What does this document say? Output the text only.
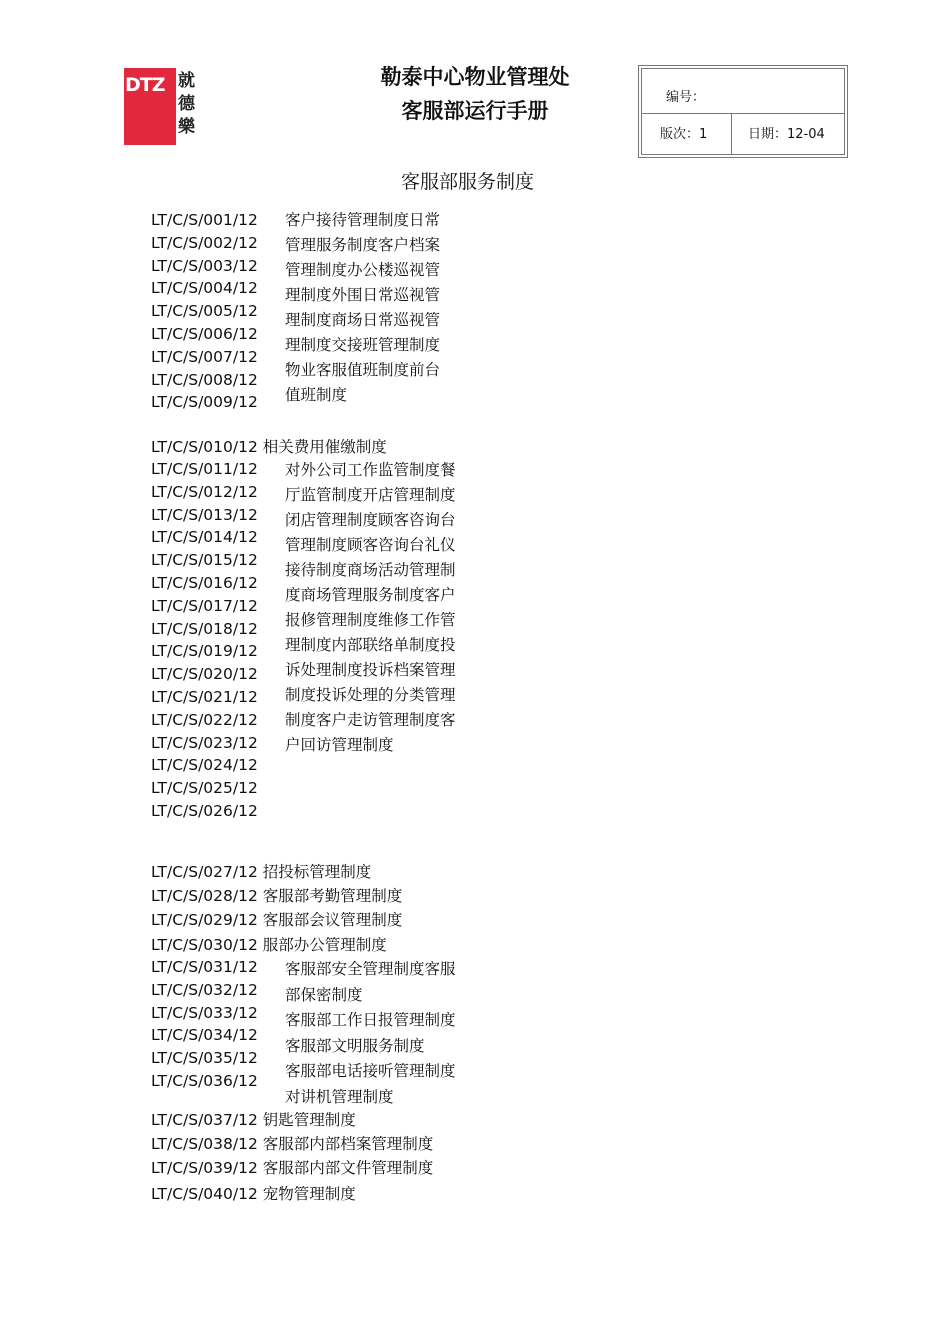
DTZ 就
德
樂
勒泰中心物业管理处
客服部运行手册
编号：
版次：1	日期：12-04
客服部服务制度
LT/C/S/001/12
LT/C/S/002/12
LT/C/S/003/12
LT/C/S/004/12
LT/C/S/005/12
LT/C/S/006/12
LT/C/S/007/12
LT/C/S/008/12
LT/C/S/009/12
客户接待管理制度日常
管理服务制度客户档案
管理制度办公楼巡视管
理制度外围日常巡视管
理制度商场日常巡视管
理制度交接班管理制度
物业客服值班制度前台
值班制度
LT/C/S/010/12 相关费用催缴制度
LT/C/S/011/12
LT/C/S/012/12
LT/C/S/013/12
LT/C/S/014/12
LT/C/S/015/12
LT/C/S/016/12
LT/C/S/017/12
LT/C/S/018/12
LT/C/S/019/12
LT/C/S/020/12
LT/C/S/021/12
LT/C/S/022/12
LT/C/S/023/12
LT/C/S/024/12
LT/C/S/025/12
LT/C/S/026/12
对外公司工作监管制度餐
厅监管制度开店管理制度
闭店管理制度顾客咨询台
管理制度顾客咨询台礼仪
接待制度商场活动管理制
度商场管理服务制度客户
报修管理制度维修工作管
理制度内部联络单制度投
诉处理制度投诉档案管理
制度投诉处理的分类管理
制度客户走访管理制度客
户回访管理制度
LT/C/S/027/12 招投标管理制度
LT/C/S/028/12 客服部考勤管理制度
LT/C/S/029/12 客服部会议管理制度
LT/C/S/030/12 服部办公管理制度
LT/C/S/031/12
LT/C/S/032/12
LT/C/S/033/12
LT/C/S/034/12
LT/C/S/035/12
LT/C/S/036/12
客服部安全管理制度客服
部保密制度
客服部工作日报管理制度
客服部文明服务制度
客服部电话接听管理制度
对讲机管理制度
LT/C/S/037/12 钥匙管理制度
LT/C/S/038/12 客服部内部档案管理制度
LT/C/S/039/12 客服部内部文件管理制度
LT/C/S/040/12 宠物管理制度
